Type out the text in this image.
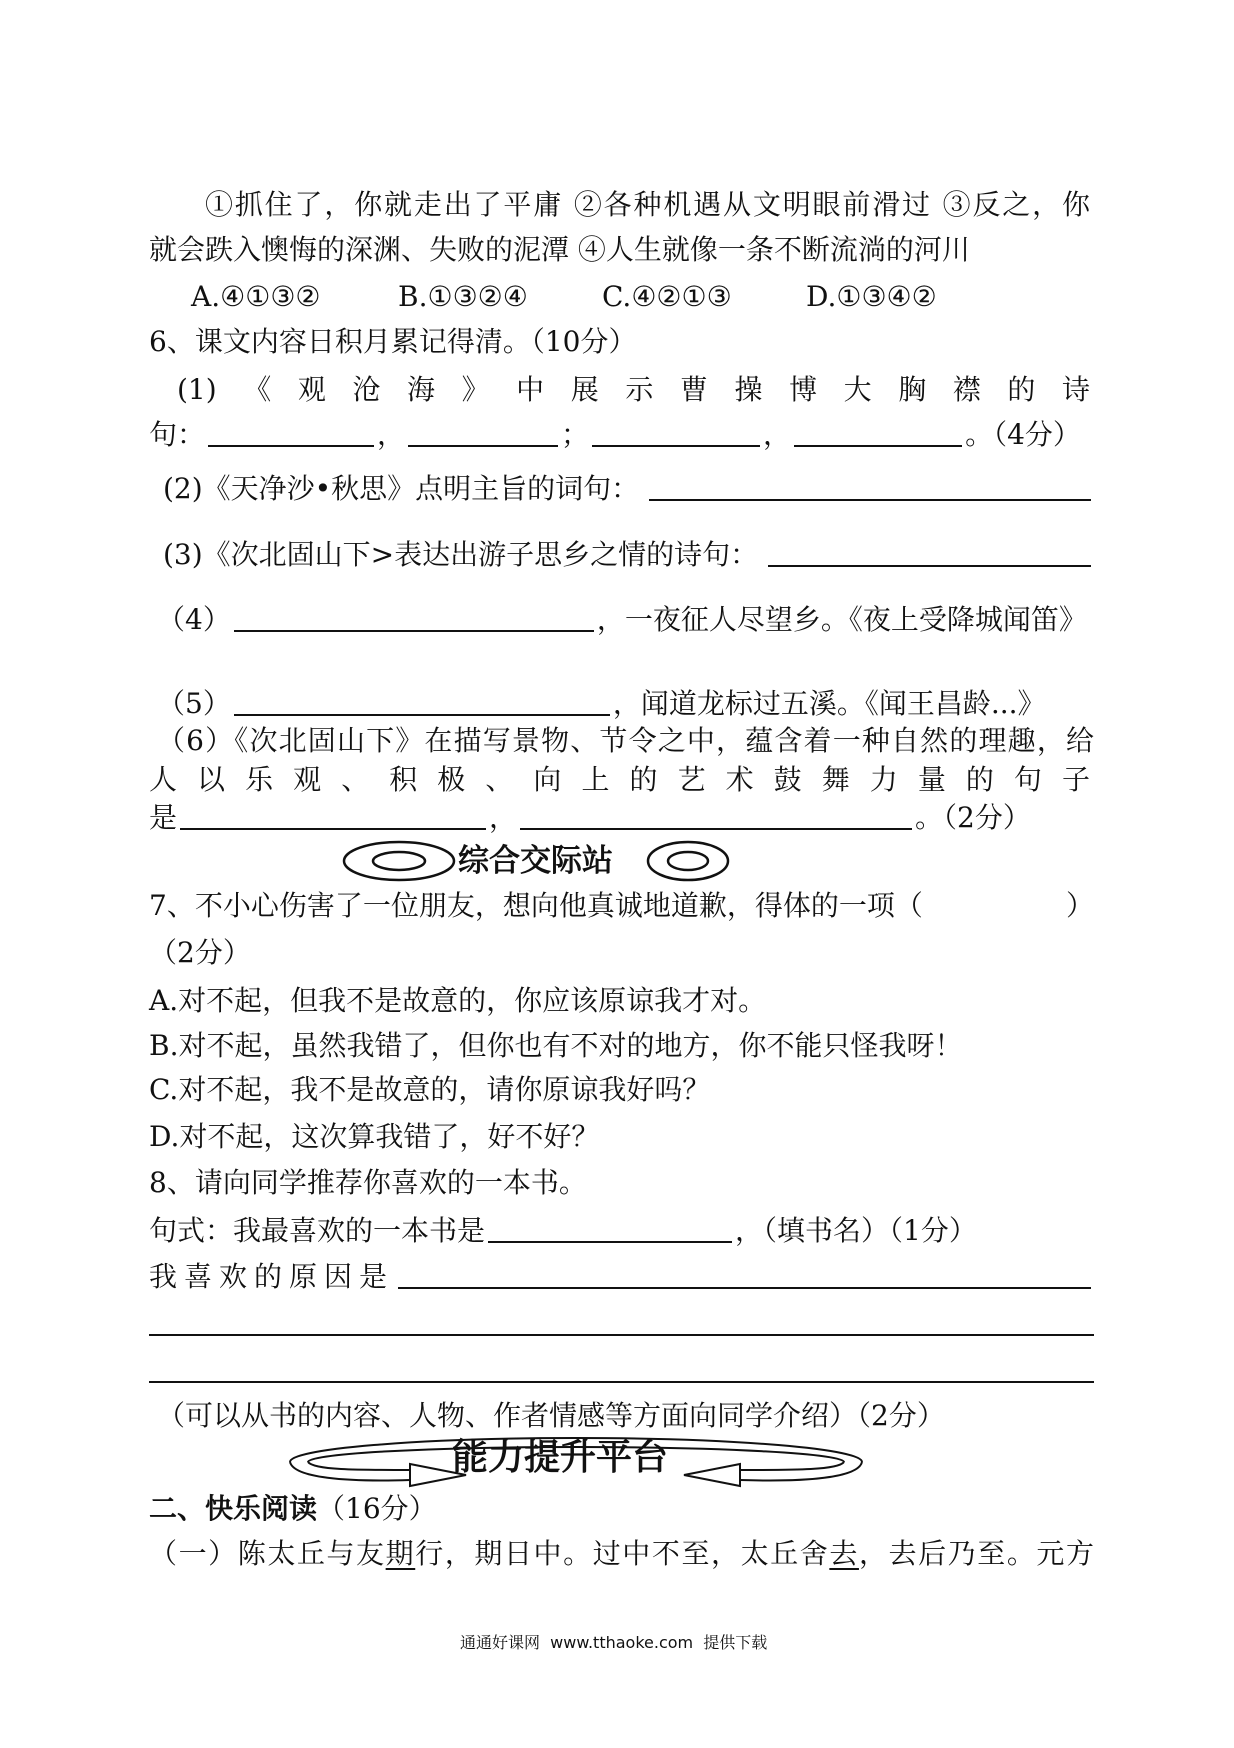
①抓住了，你就走出了平庸 ②各种机遇从文明眼前滑过 ③反之，你
就会跌入懊悔的深渊、失败的泥潭 ④人生就像一条不断流淌的河川
A.④①③②	B.①③②④	C.④②①③	D.①③④②
6、课文内容日积月累记得清。（10分）
(1)《观沧海》中展示曹操博大胸襟的诗
句：	，	；	，	。（4分）
(2)《天净沙•秋思》点明主旨的词句：
(3)《次北固山下>表达出游子思乡之情的诗句：
（4）	，一夜征人尽望乡。《夜上受降城闻笛》
（5）	，闻道龙标过五溪。《闻王昌龄...》
（6）《次北固山下》在描写景物、节令之中，蕴含着一种自然的理趣，给
人以乐观、积极、向上的艺术鼓舞力量的句子
是	，	。（2分）
综合交际站
7、不小心伤害了一位朋友，想向他真诚地道歉，得体的一项（	）
（2分）
A.对不起，但我不是故意的，你应该原谅我才对。
B.对不起，虽然我错了，但你也有不对的地方，你不能只怪我呀！
C.对不起，我不是故意的，请你原谅我好吗？
D.对不起，这次算我错了，好不好？
8、请向同学推荐你喜欢的一本书。
句式：我最喜欢的一本书是	，（填书名）（1分）
我喜欢的原因是
（可以从书的内容、人物、作者情感等方面向同学介绍）（2分）
能力提升平台
二、快乐阅读（16分）
（一）陈太丘与友期行，期日中。过中不至，太丘舍去，去后乃至。元方
通通好课网  www.tthaoke.com  提供下载
